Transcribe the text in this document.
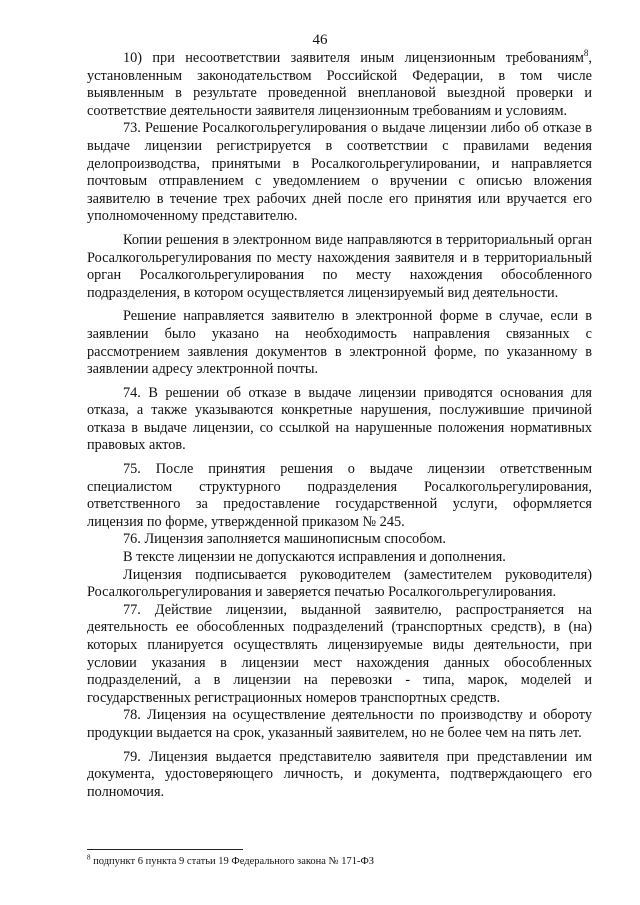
46

10) при несоответствии заявителя иным лицензионным требованиям$^8$, установленным законодательством Российской Федерации, в том числе выявленным в результате проведенной внеплановой выездной проверки и соответствие деятельности заявителя лицензионным требованиям и условиям.

73. Решение Росалкогольрегулирования о выдаче лицензии либо об отказе в выдаче лицензии регистрируется в соответствии с правилами ведения делопроизводства, принятыми в Росалкогольрегулировании, и направляется почтовым отправлением с уведомлением о вручении с описью вложения заявителю в течение трех рабочих дней после его принятия или вручается его уполномоченному представителю.

Копии решения в электронном виде направляются в территориальный орган Росалкогольрегулирования по месту нахождения заявителя и в территориальный орган Росалкогольрегулирования по месту нахождения обособленного подразделения, в котором осуществляется лицензируемый вид деятельности.

Решение направляется заявителю в электронной форме в случае, если в заявлении было указано на необходимость направления связанных с рассмотрением заявления документов в электронной форме, по указанному в заявлении адресу электронной почты.

74. В решении об отказе в выдаче лицензии приводятся основания для отказа, а также указываются конкретные нарушения, послужившие причиной отказа в выдаче лицензии, со ссылкой на нарушенные положения нормативных правовых актов.

75. После принятия решения о выдаче лицензии ответственным специалистом структурного подразделения Росалкогольрегулирования, ответственного за предоставление государственной услуги, оформляется лицензия по форме, утвержденной приказом № 245.

76. Лицензия заполняется машинописным способом.

В тексте лицензии не допускаются исправления и дополнения.

Лицензия подписывается руководителем (заместителем руководителя) Росалкогольрегулирования и заверяется печатью Росалкогольрегулирования.

77. Действие лицензии, выданной заявителю, распространяется на деятельность ее обособленных подразделений (транспортных средств), в (на) которых планируется осуществлять лицензируемые виды деятельности, при условии указания в лицензии мест нахождения данных обособленных подразделений, а в лицензии на перевозки - типа, марок, моделей и государственных регистрационных номеров транспортных средств.

78. Лицензия на осуществление деятельности по производству и обороту продукции выдается на срок, указанный заявителем, но не более чем на пять лет.

79. Лицензия выдается представителю заявителя при представлении им документа, удостоверяющего личность, и документа, подтверждающего его полномочия.

$^8$ подпункт 6 пункта 9 статьи 19 Федерального закона № 171-ФЗ
